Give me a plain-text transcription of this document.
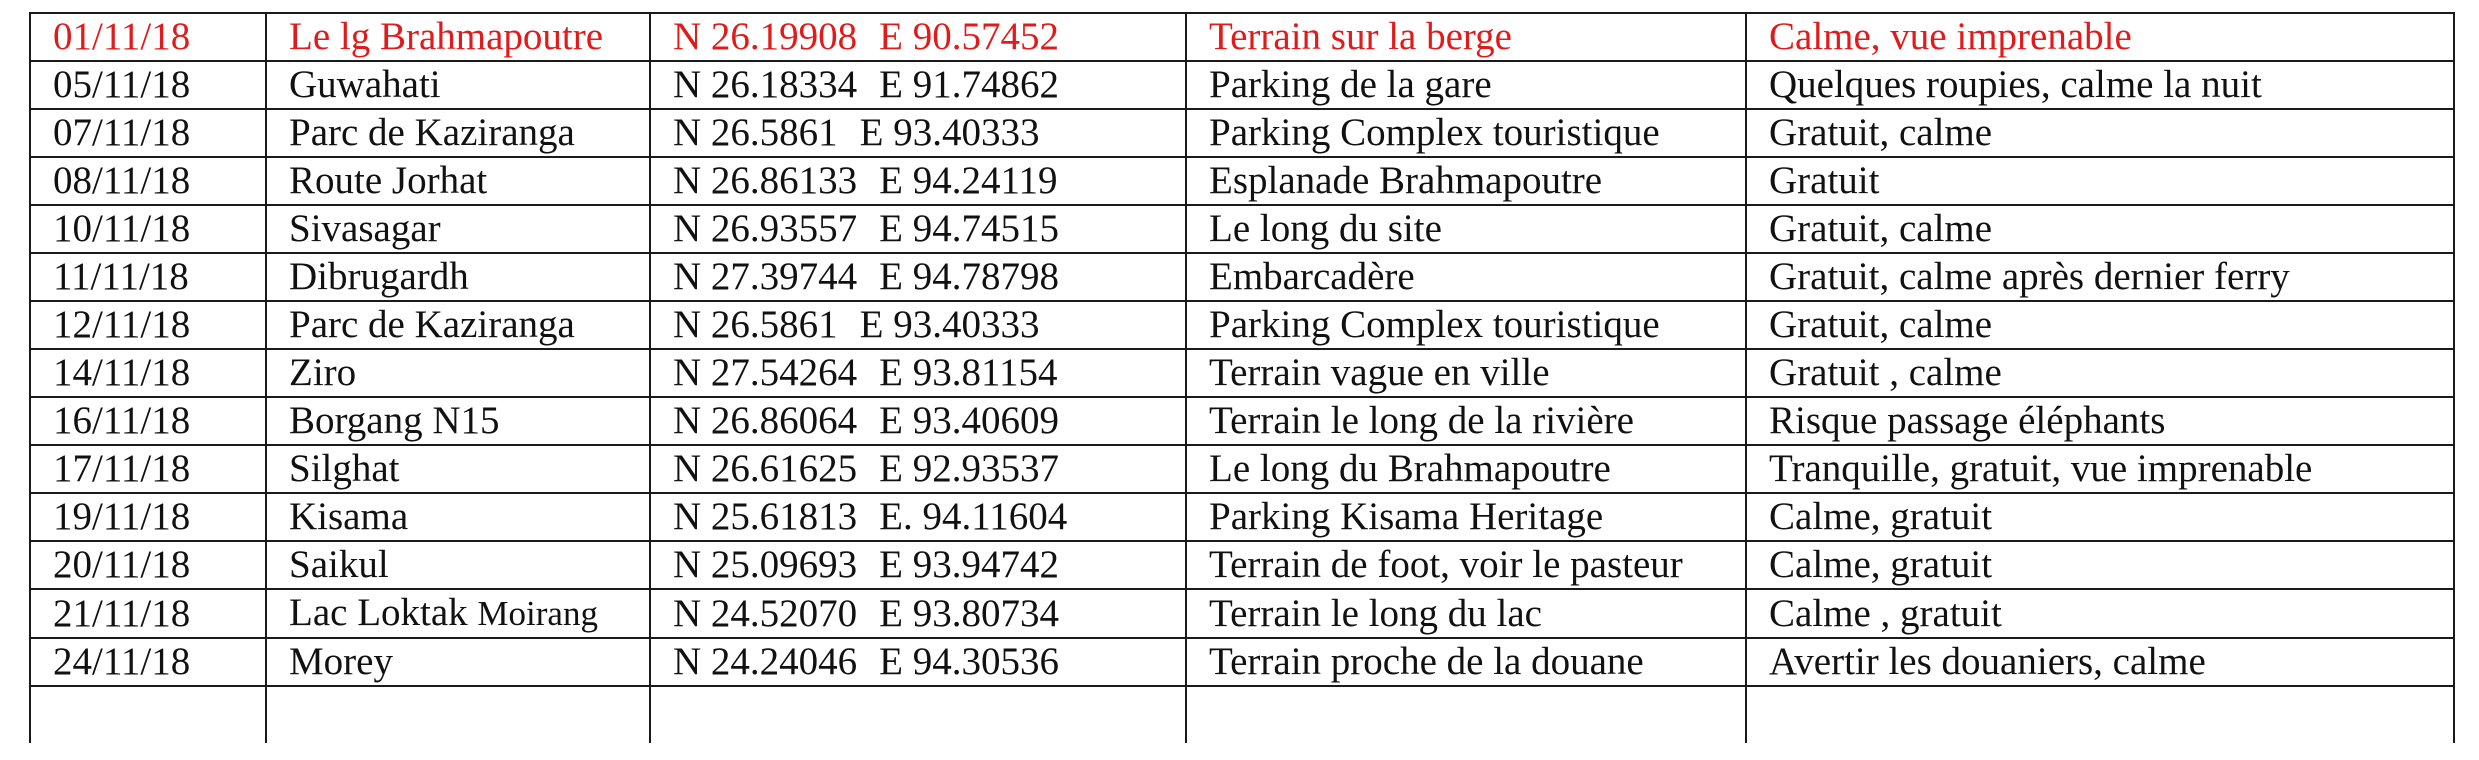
01/11/18	Le lg Brahmapoutre	N 26.19908 E 90.57452	Terrain sur la berge	Calme, vue imprenable
05/11/18	Guwahati	N 26.18334 E 91.74862	Parking de la gare	Quelques roupies, calme la nuit
07/11/18	Parc de Kaziranga	N 26.5861 E 93.40333	Parking Complex touristique	Gratuit, calme
08/11/18	Route Jorhat	N 26.86133 E 94.24119	Esplanade Brahmapoutre	Gratuit
10/11/18	Sivasagar	N 26.93557 E 94.74515	Le long du site	Gratuit, calme
11/11/18	Dibrugardh	N 27.39744 E 94.78798	Embarcadère	Gratuit, calme après dernier ferry
12/11/18	Parc de Kaziranga	N 26.5861 E 93.40333	Parking Complex touristique	Gratuit, calme
14/11/18	Ziro	N 27.54264 E 93.81154	Terrain vague en ville	Gratuit , calme
16/11/18	Borgang N15	N 26.86064 E 93.40609	Terrain le long de la rivière	Risque passage éléphants
17/11/18	Silghat	N 26.61625 E 92.93537	Le long du Brahmapoutre	Tranquille, gratuit, vue imprenable
19/11/18	Kisama	N 25.61813 E. 94.11604	Parking Kisama Heritage	Calme, gratuit
20/11/18	Saikul	N 25.09693 E 93.94742	Terrain de foot, voir le pasteur	Calme, gratuit
21/11/18	Lac Loktak Moirang	N 24.52070 E 93.80734	Terrain le long du lac	Calme , gratuit
24/11/18	Morey	N 24.24046 E 94.30536	Terrain proche de la douane	Avertir les douaniers, calme
